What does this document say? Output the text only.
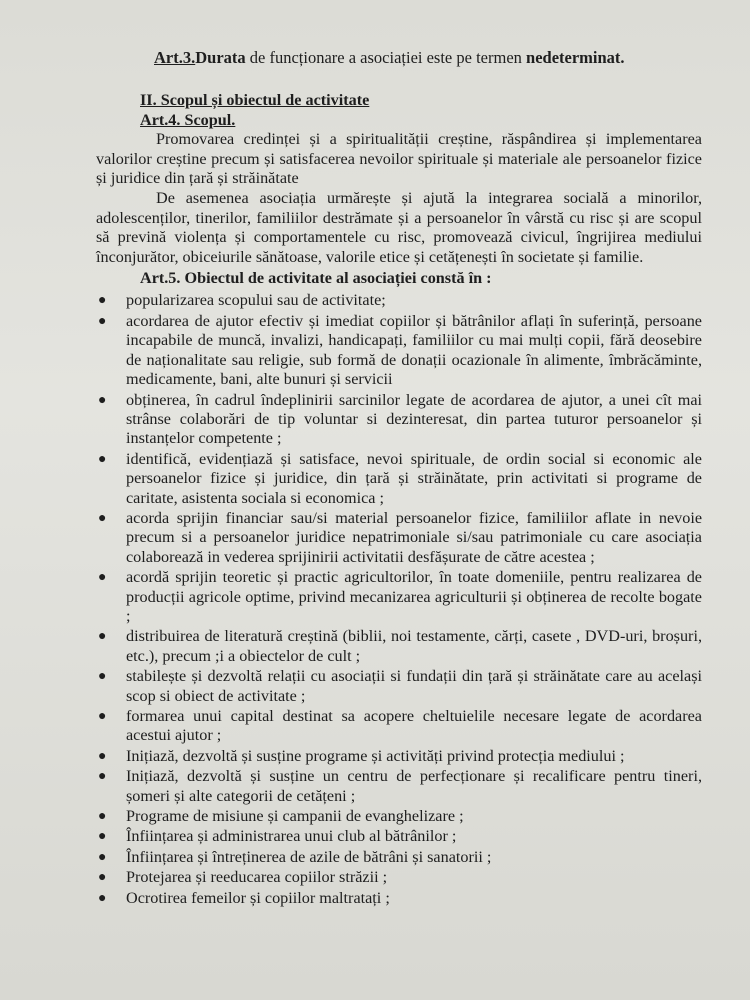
Art.3.Durata de funcționare a asociației este pe termen nedeterminat.
II. Scopul și obiectul de activitate
Art.4. Scopul.

Promovarea credinței și a spiritualității creștine, răspândirea și implementarea valorilor creștine precum și satisfacerea nevoilor spirituale și materiale ale persoanelor fizice și juridice din țară și străinătate

De asemenea asociația urmărește și ajută la integrarea socială a minorilor, adolescenților, tinerilor, familiilor destrămate și a persoanelor în vârstă cu risc și are scopul să prevină violența și comportamentele cu risc, promovează civicul, îngrijirea mediului înconjurător, obiceiurile sănătoase, valorile etice și cetățenești în societate și familie.

Art.5. Obiectul de activitate al asociației constă în :
● popularizarea scopului sau de activitate;
● acordarea de ajutor efectiv și imediat copiilor și bătrânilor aflați în suferință, persoane incapabile de muncă, invalizi, handicapați, familiilor cu mai mulți copii, fără deosebire de naționalitate sau religie, sub formă de donații ocazionale în alimente, îmbrăcăminte, medicamente, bani, alte bunuri și servicii
● obținerea, în cadrul îndeplinirii sarcinilor legate de acordarea de ajutor, a unei cît mai strânse colaborări de tip voluntar si dezinteresat, din partea tuturor persoanelor și instanțelor competente ;
● identifică, evidențiază și satisface, nevoi spirituale, de ordin social si economic ale persoanelor fizice și juridice, din țară și străinătate, prin activitati si programe de caritate, asistenta sociala si economica ;
● acorda sprijin financiar sau/si material persoanelor fizice, familiilor aflate in nevoie precum si a persoanelor juridice nepatrimoniale si/sau patrimoniale cu care asociația colaborează in vederea sprijinirii activitatii desfășurate de către acestea ;
● acordă sprijin teoretic și practic agricultorilor, în toate domeniile, pentru realizarea de producții agricole optime, privind mecanizarea agriculturii și obținerea de recolte bogate ;
● distribuirea de literatură creștină (biblii, noi testamente, cărți, casete , DVD-uri, broșuri, etc.), precum ;i a obiectelor de cult ;
● stabilește și dezvoltă relații cu asociații si fundații din țară și străinătate care au același scop si obiect de activitate ;
● formarea unui capital destinat sa acopere cheltuielile necesare legate de acordarea acestui ajutor ;
● Inițiază, dezvoltă și susține programe și activități privind protecția mediului ;
● Inițiază, dezvoltă și susține un centru de perfecționare și recalificare pentru tineri, șomeri și alte categorii de cetățeni ;
● Programe de misiune și campanii de evanghelizare ;
● Înființarea și administrarea unui club al bătrânilor ;
● Înființarea și întreținerea de azile de bătrâni și sanatorii ;
● Protejarea și reeducarea copiilor străzii ;
● Ocrotirea femeilor și copiilor maltratați ;
